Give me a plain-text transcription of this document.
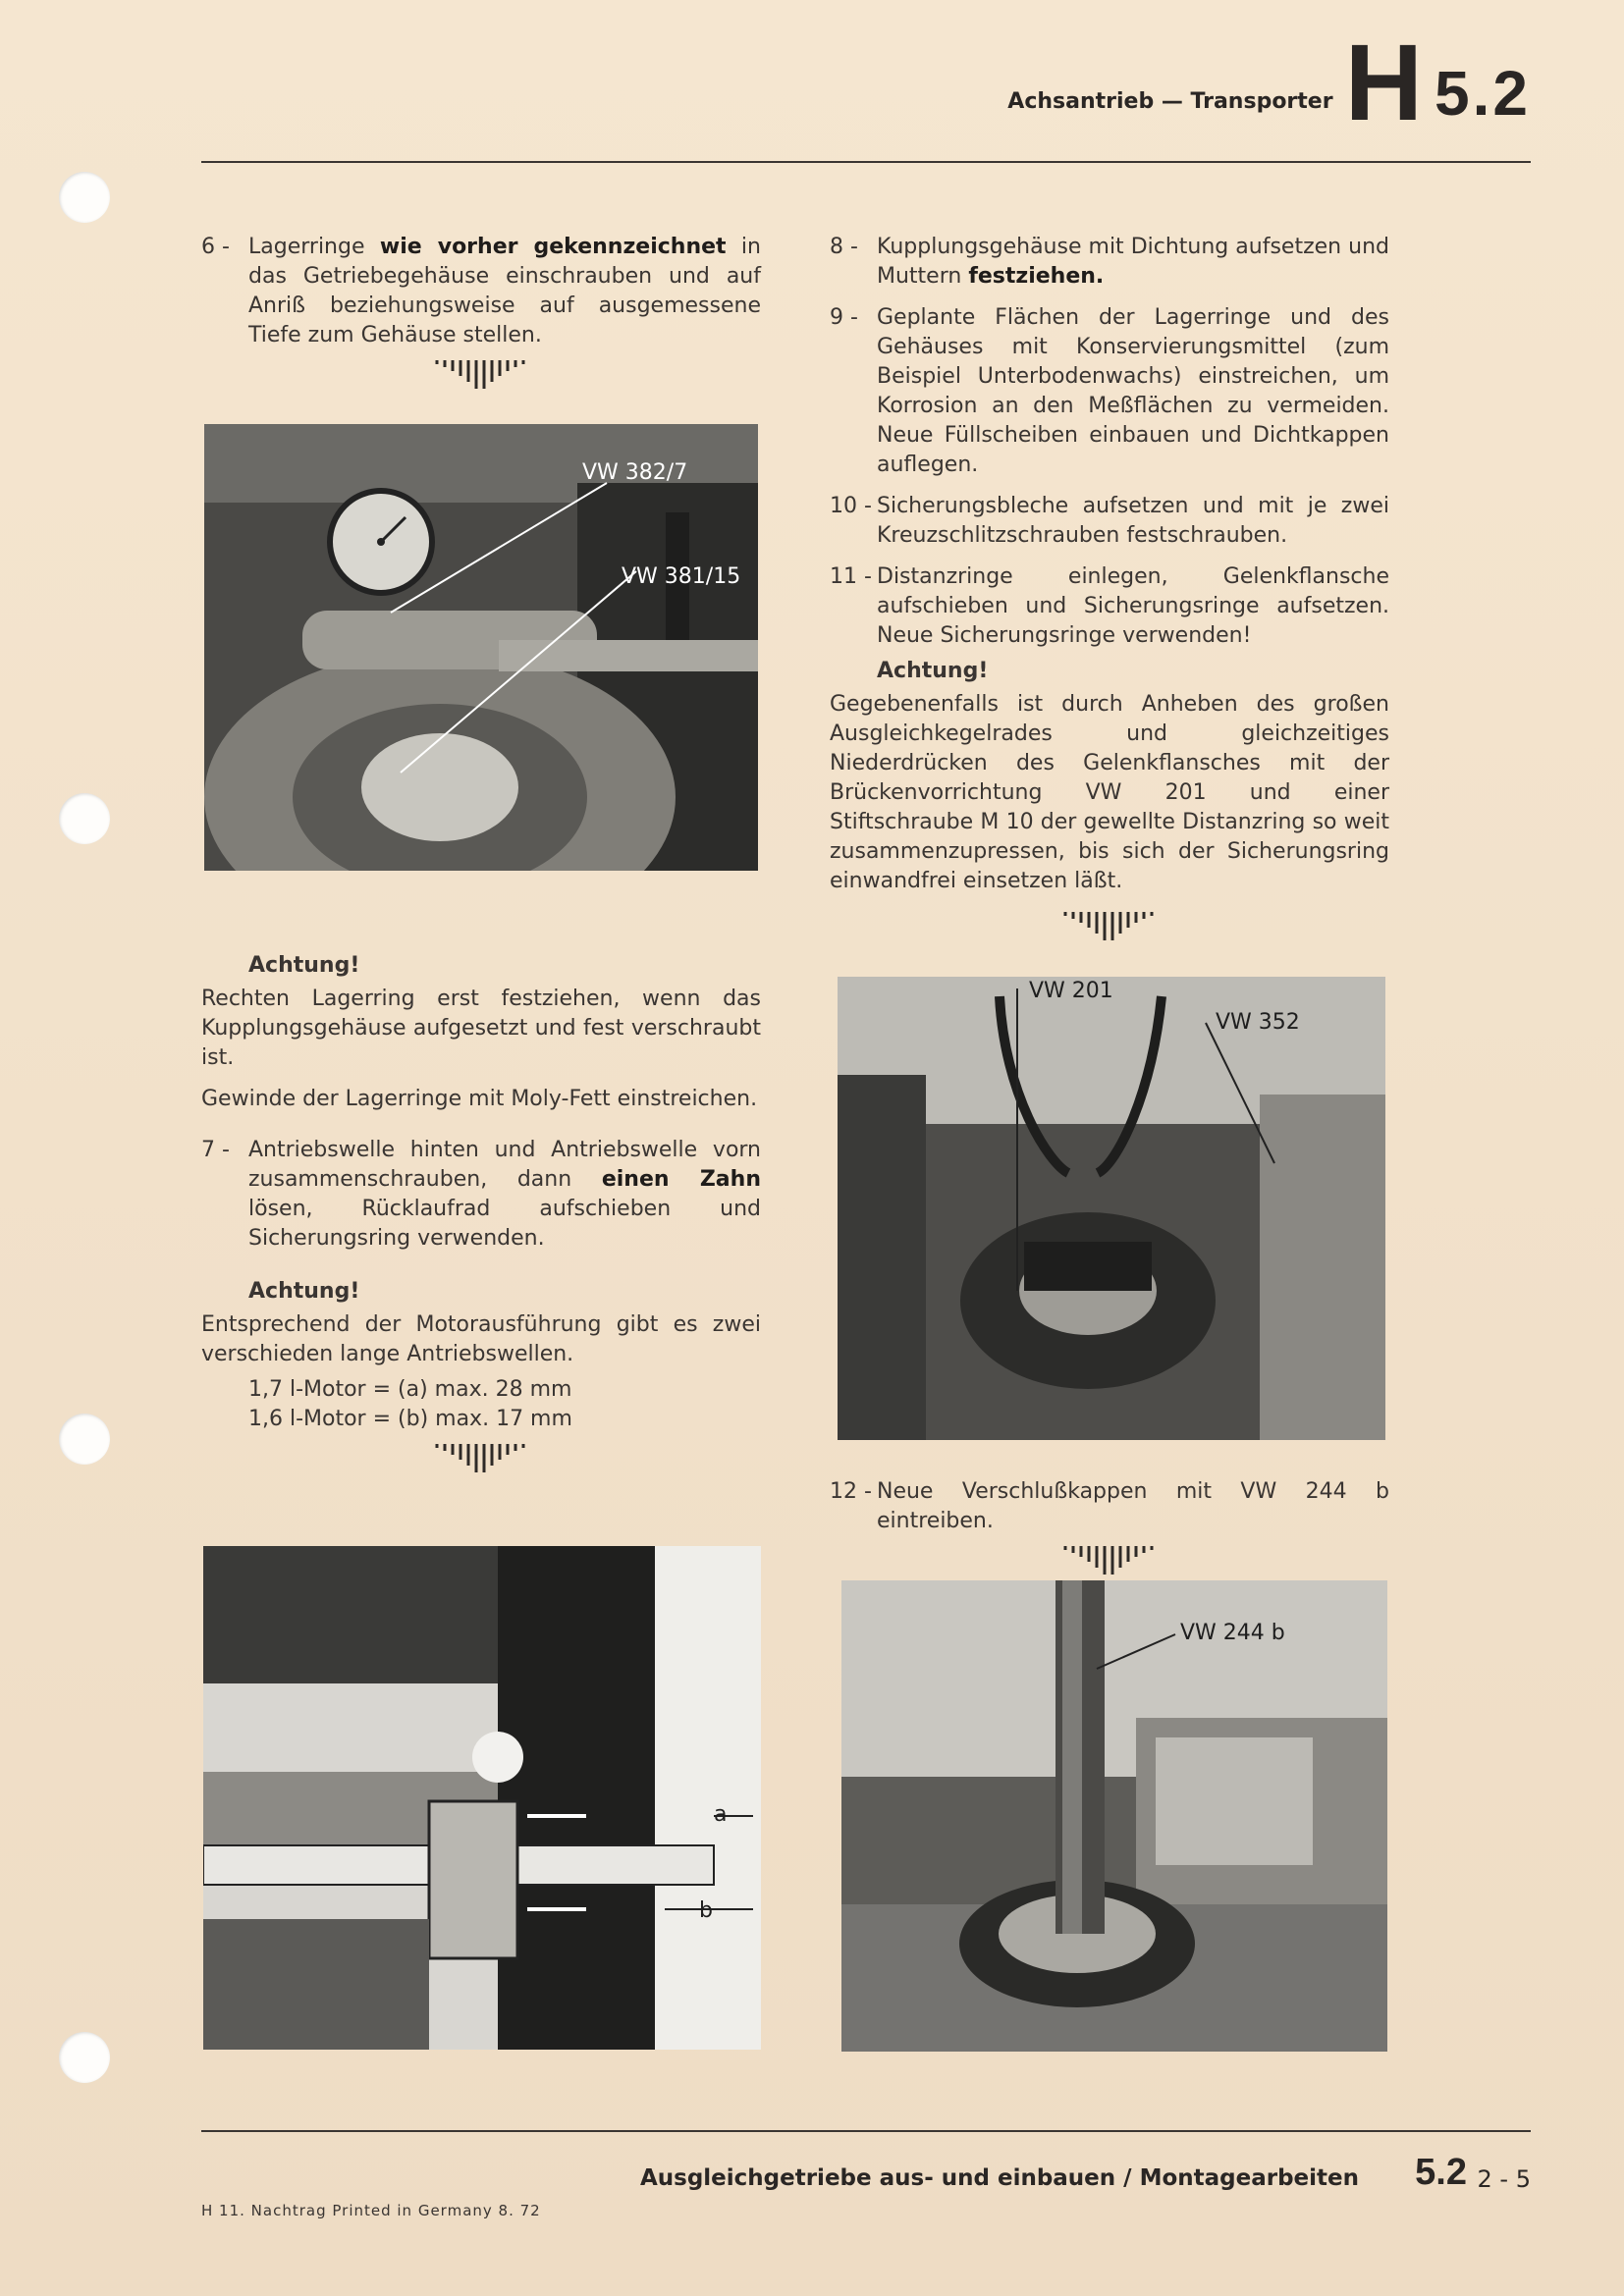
Achsantrieb — Transporter H 5.2
6 - Lagerringe wie vorher gekennzeichnet in das Getriebegehäuse einschrauben und auf Anriß beziehungsweise auf ausgemessene Tiefe zum Gehäuse stellen.
VW 382/7
VW 381/15
Achtung!

Rechten Lagerring erst festziehen, wenn das Kupplungsgehäuse aufgesetzt und fest verschraubt ist.

Gewinde der Lagerringe mit Moly-Fett einstreichen.

7 - Antriebswelle hinten und Antriebswelle vorn zusammenschrauben, dann einen Zahn lösen, Rücklaufrad aufschieben und Sicherungsring verwenden.
Achtung!

Entsprechend der Motorausführung gibt es zwei verschieden lange Antriebswellen.

1,7 l-Motor = (a) max. 28 mm
1,6 l-Motor = (b) max. 17 mm
a
b
8 - Kupplungsgehäuse mit Dichtung aufsetzen und Muttern festziehen.
9 - Geplante Flächen der Lagerringe und des Gehäuses mit Konservierungsmittel (zum Beispiel Unterbodenwachs) einstreichen, um Korrosion an den Meßflächen zu vermeiden. Neue Füllscheiben einbauen und Dichtkappen auflegen.
10 - Sicherungsbleche aufsetzen und mit je zwei Kreuzschlitzschrauben festschrauben.
11 - Distanzringe einlegen, Gelenkflansche aufschieben und Sicherungsringe aufsetzen. Neue Sicherungsringe verwenden!
Achtung!

Gegebenenfalls ist durch Anheben des großen Ausgleichkegelrades und gleichzeitiges Niederdrücken des Gelenkflansches mit der Brückenvorrichtung VW 201 und einer Stiftschraube M 10 der gewellte Distanzring so weit zusammenzupressen, bis sich der Sicherungsring einwandfrei einsetzen läßt.

VW 201
VW 352
12 - Neue Verschlußkappen mit VW 244 b eintreiben.
VW 244 b
Ausgleichgetriebe aus- und einbauen / Montagearbeiten 5.2 2 - 5
H 11. Nachtrag Printed in Germany 8. 72
